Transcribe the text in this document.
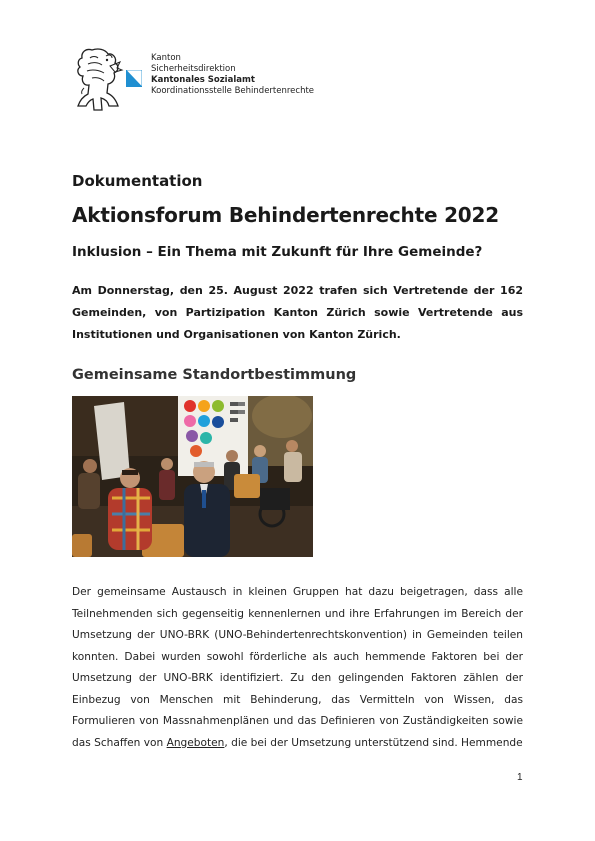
Kanton
Sicherheitsdirektion
Kantonales Sozialamt
Koordinationsstelle Behindertenrechte
Dokumentation
Aktionsforum Behindertenrechte 2022
Inklusion – Ein Thema mit Zukunft für Ihre Gemeinde?
Am Donnerstag, den 25. August 2022 trafen sich Vertretende der 162 Gemeinden, von Partizipation Kanton Zürich sowie Vertretende aus Institutionen und Organisationen von Kanton Zürich.
Gemeinsame Standortbestimmung
Der gemeinsame Austausch in kleinen Gruppen hat dazu beigetragen, dass alle Teilnehmenden sich gegenseitig kennenlernen und ihre Erfahrungen im Bereich der Umsetzung der UNO-BRK (UNO-Behindertenrechtskonvention) in Gemeinden teilen konnten. Dabei wurden sowohl förderliche als auch hemmende Faktoren bei der Umsetzung der UNO-BRK identifiziert. Zu den gelingenden Faktoren zählen der Einbezug von Menschen mit Behinderung, das Vermitteln von Wissen, das Formulieren von Massnahmenplänen und das Definieren von Zuständigkeiten sowie das Schaffen von Angeboten, die bei der Umsetzung unterstützend sind. Hemmende
1
